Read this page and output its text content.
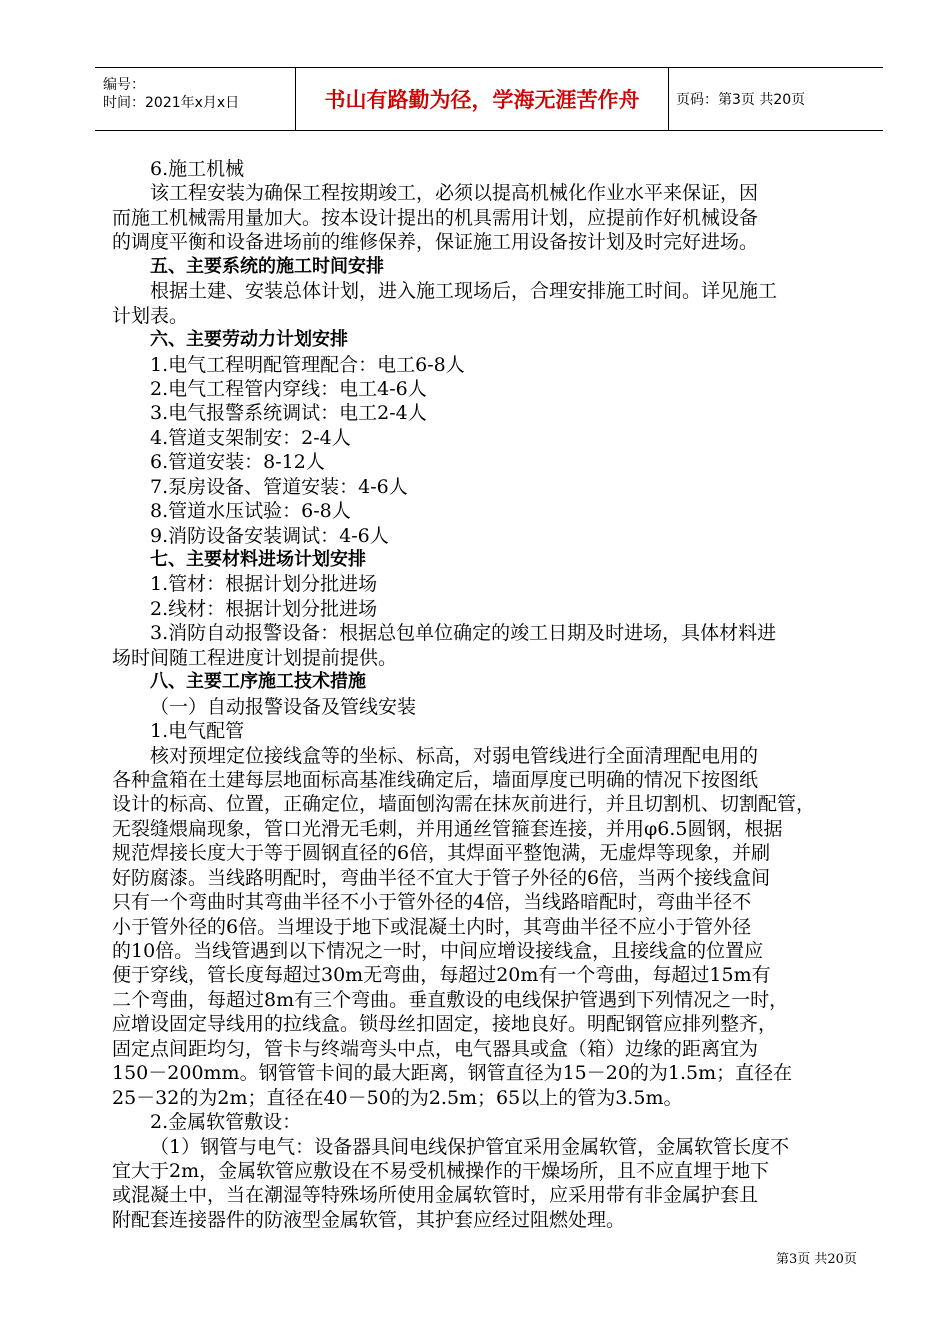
编号：
时间：2021年x月x日	书山有路勤为径，学海无涯苦作舟	页码：第3页 共20页
6.施工机械
该工程安装为确保工程按期竣工，必须以提高机械化作业水平来保证，因
而施工机械需用量加大。按本设计提出的机具需用计划，应提前作好机械设备
的调度平衡和设备进场前的维修保养，保证施工用设备按计划及时完好进场。
五、主要系统的施工时间安排
根据土建、安装总体计划，进入施工现场后，合理安排施工时间。详见施工
计划表。
六、主要劳动力计划安排
1.电气工程明配管理配合：电工6-8人
2.电气工程管内穿线：电工4-6人
3.电气报警系统调试：电工2-4人
4.管道支架制安：2-4人
6.管道安装：8-12人
7.泵房设备、管道安装：4-6人
8.管道水压试验：6-8人
9.消防设备安装调试：4-6人
七、主要材料进场计划安排
1.管材：根据计划分批进场
2.线材：根据计划分批进场
3.消防自动报警设备：根据总包单位确定的竣工日期及时进场，具体材料进
场时间随工程进度计划提前提供。
八、主要工序施工技术措施
（一）自动报警设备及管线安装
1.电气配管
核对预埋定位接线盒等的坐标、标高，对弱电管线进行全面清理配电用的
各种盒箱在土建每层地面标高基准线确定后，墙面厚度已明确的情况下按图纸
设计的标高、位置，正确定位，墙面刨沟需在抹灰前进行，并且切割机、切割配管，
无裂缝煨扁现象，管口光滑无毛刺，并用通丝管箍套连接，并用φ6.5圆钢，根据
规范焊接长度大于等于圆钢直径的6倍，其焊面平整饱满，无虚焊等现象，并刷
好防腐漆。当线路明配时，弯曲半径不宜大于管子外径的6倍，当两个接线盒间
只有一个弯曲时其弯曲半径不小于管外径的4倍，当线路暗配时，弯曲半径不
小于管外径的6倍。当埋设于地下或混凝土内时，其弯曲半径不应小于管外径
的10倍。当线管遇到以下情况之一时，中间应增设接线盒，且接线盒的位置应
便于穿线，管长度每超过30m无弯曲，每超过20m有一个弯曲，每超过15m有
二个弯曲，每超过8m有三个弯曲。垂直敷设的电线保护管遇到下列情况之一时，
应增设固定导线用的拉线盒。锁母丝扣固定，接地良好。明配钢管应排列整齐，
固定点间距均匀，管卡与终端弯头中点，电气器具或盒（箱）边缘的距离宜为
150－200mm。钢管管卡间的最大距离，钢管直径为15－20的为1.5m；直径在
25－32的为2m；直径在40－50的为2.5m；65以上的管为3.5m。
2.金属软管敷设：
（1）钢管与电气：设备器具间电线保护管宜采用金属软管，金属软管长度不
宜大于2m，金属软管应敷设在不易受机械操作的干燥场所，且不应直埋于地下
或混凝土中，当在潮湿等特殊场所使用金属软管时，应采用带有非金属护套且
附配套连接器件的防液型金属软管，其护套应经过阻燃处理。
第3页 共20页
